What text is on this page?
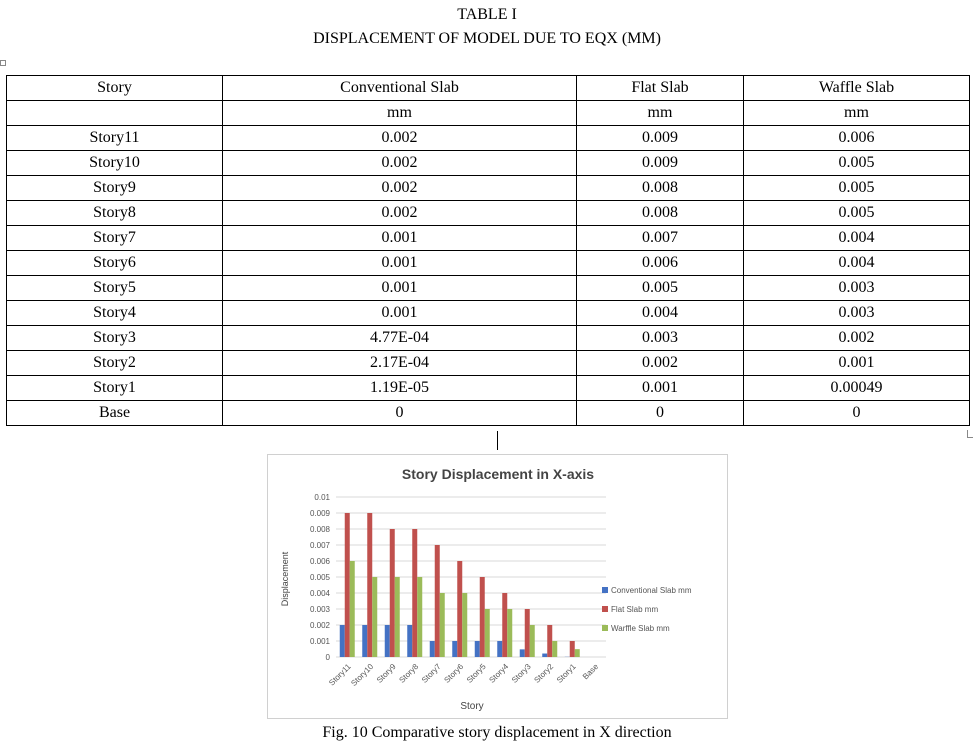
TABLE I
DISPLACEMENT OF MODEL DUE TO EQX (MM)
Story	Conventional Slab	Flat Slab	Waffle Slab
	mm	mm	mm
Story11	0.002	0.009	0.006
Story10	0.002	0.009	0.005
Story9	0.002	0.008	0.005
Story8	0.002	0.008	0.005
Story7	0.001	0.007	0.004
Story6	0.001	0.006	0.004
Story5	0.001	0.005	0.003
Story4	0.001	0.004	0.003
Story3	4.77E-04	0.003	0.002
Story2	2.17E-04	0.002	0.001
Story1	1.19E-05	0.001	0.00049
Base	0	0	0
Story Displacement in X-axis
Displacement
Story
0
0.001
0.002
0.003
0.004
0.005
0.006
0.007
0.008
0.009
0.01
Story11
Story10 Story9 Story8 Story7 Story6 Story5 Story4 Story3 Story2 Story1 Base
Conventional Slab mm
Flat Slab mm
Warffle Slab mm
Fig. 10 Comparative story displacement in X direction
